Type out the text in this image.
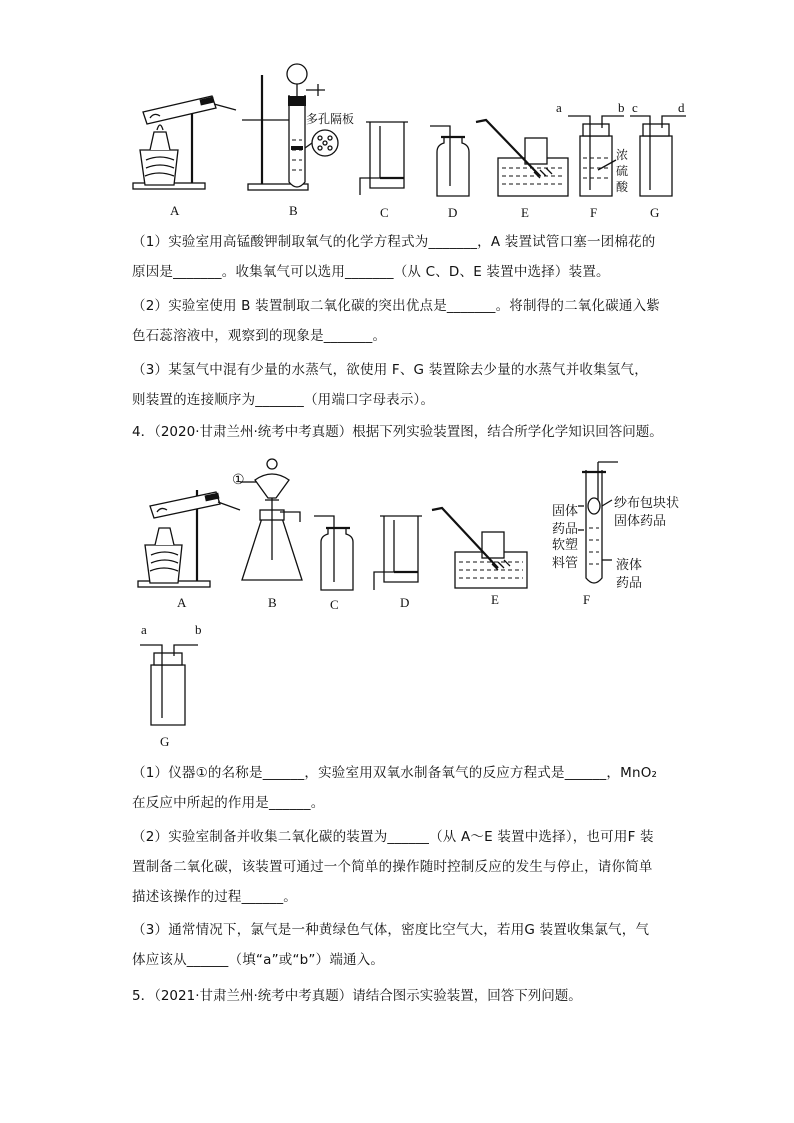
A	B	C	D	E	F	G
多孔隔板
浓
硫
酸
a	b c	d
（1）实验室用高锰酸钾制取氧气的化学方程式为_______，A 装置试管口塞一团棉花的
原因是_______。收集氧气可以选用_______（从 C、D、E 装置中选择）装置。
（2）实验室使用 B 装置制取二氧化碳的突出优点是_______。将制得的二氧化碳通入紫
色石蕊溶液中，观察到的现象是_______。
（3）某氢气中混有少量的水蒸气，欲使用 F、G 装置除去少量的水蒸气并收集氢气，
则装置的连接顺序为_______（用端口字母表示）。
4．（2020·甘肃兰州·统考中考真题）根据下列实验装置图，结合所学化学知识回答问题。
A	B	C	D	E	F
G
①
固体
药品
纱布包块状
固体药品
软塑
料管	液体
药品
a	b
（1）仪器①的名称是______，实验室用双氧水制备氧气的反应方程式是______，MnO₂
在反应中所起的作用是______。
（2）实验室制备并收集二氧化碳的装置为______（从 A～E 装置中选择），也可用F 装
置制备二氧化碳，该装置可通过一个简单的操作随时控制反应的发生与停止，请你简单
描述该操作的过程______。
（3）通常情况下，氯气是一种黄绿色气体，密度比空气大，若用G 装置收集氯气，气
体应该从______（填“a”或“b”）端通入。
5．（2021·甘肃兰州·统考中考真题）请结合图示实验装置，回答下列问题。
